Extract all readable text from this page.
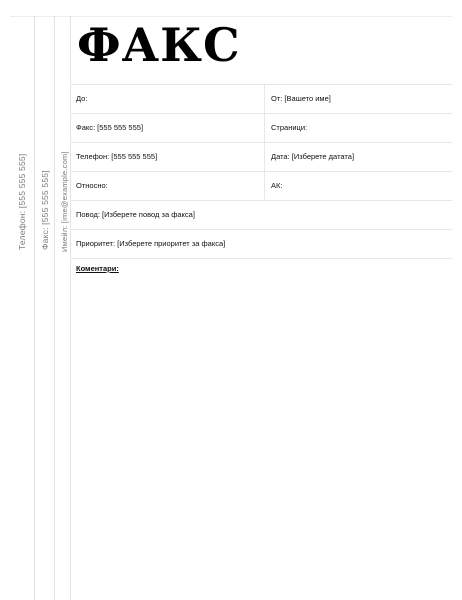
Телефон: [555 555 555] Факс: [555 555 555] Имейл: [ime@example.com]
ФАКС
До:	От: [Вашето име]
Факс: [555 555 555]	Страници:
Телефон: [555 555 555]	Дата: [Изберете датата]
Относно:	АК:
Повод: [Изберете повод за факса]
Приоритет: [Изберете приоритет за факса]
Коментари:
